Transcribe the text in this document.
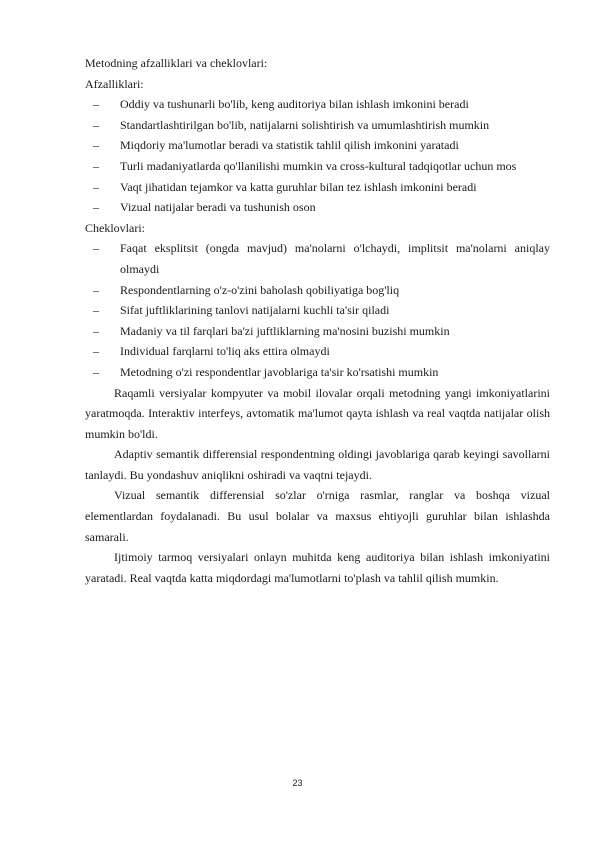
Metodning afzalliklari va cheklovlari:

Afzalliklari:

– Oddiy va tushunarli bo'lib, keng auditoriya bilan ishlash imkonini beradi
– Standartlashtirilgan bo'lib, natijalarni solishtirish va umumlashtirish mumkin
– Miqdoriy ma'lumotlar beradi va statistik tahlil qilish imkonini yaratadi
– Turli madaniyatlarda qo'llanilishi mumkin va cross-kultural tadqiqotlar uchun mos
– Vaqt jihatidan tejamkor va katta guruhlar bilan tez ishlash imkonini beradi
– Vizual natijalar beradi va tushunish oson

Cheklovlari:

– Faqat eksplitsit (ongda mavjud) ma'nolarni o'lchaydi, implitsit ma'nolarni aniqlay olmaydi
– Respondentlarning o'z-o'zini baholash qobiliyatiga bog'liq
– Sifat juftliklarining tanlovi natijalarni kuchli ta'sir qiladi
– Madaniy va til farqlari ba'zi juftliklarning ma'nosini buzishi mumkin
– Individual farqlarni to'liq aks ettira olmaydi
– Metodning o'zi respondentlar javoblariga ta'sir ko'rsatishi mumkin

Raqamli versiyalar kompyuter va mobil ilovalar orqali metodning yangi imkoniyatlarini yaratmoqda. Interaktiv interfeys, avtomatik ma'lumot qayta ishlash va real vaqtda natijalar olish mumkin bo'ldi.

Adaptiv semantik differensial respondentning oldingi javoblariga qarab keyingi savollarni tanlaydi. Bu yondashuv aniqlikni oshiradi va vaqtni tejaydi.

Vizual semantik differensial so'zlar o'rniga rasmlar, ranglar va boshqa vizual elementlardan foydalanadi. Bu usul bolalar va maxsus ehtiyojli guruhlar bilan ishlashda samarali.

Ijtimoiy tarmoq versiyalari onlayn muhitda keng auditoriya bilan ishlash imkoniyatini yaratadi. Real vaqtda katta miqdordagi ma'lumotlarni to'plash va tahlil qilish mumkin.

23
